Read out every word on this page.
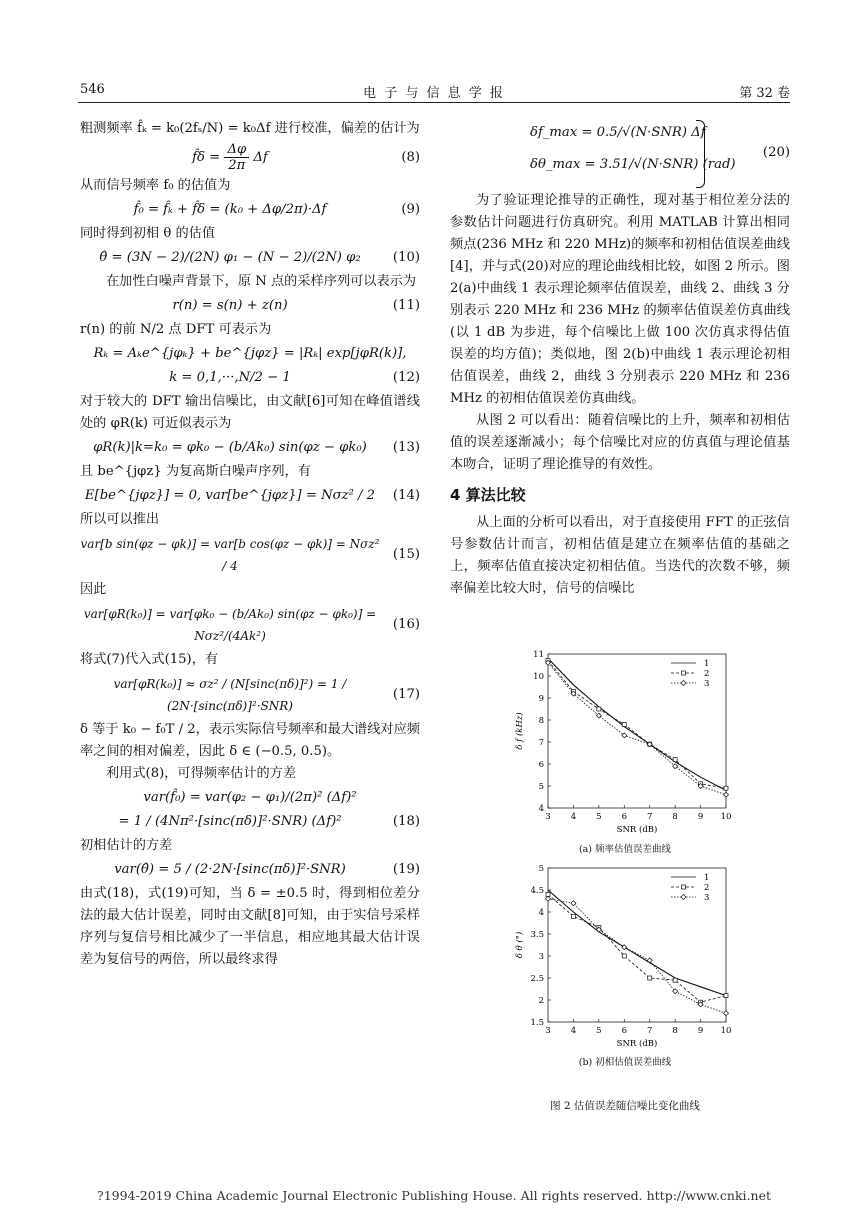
546	电 子 与 信 息 学 报	第 32 卷

粗测频率 f̂ₖ = k₀(2fₛ/N) = k₀Δf 进行校准，偏差的估计为

f̂δ = $\frac{\Delta\varphi}{2\pi}$ Δf	(8)

从而信号频率 f₀ 的估值为

f̂₀ = f̂ₖ + f̂δ = (k₀ + Δφ/2π)·Δf	(9)

同时得到初相 θ 的估值

θ̂ = (3N − 2)/(2N) φ₁ − (N − 2)/(2N) φ₂	(10)

在加性白噪声背景下，原 N 点的采样序列可以表示为

r(n) = s(n) + z(n)	(11)

r(n) 的前 N/2 点 DFT 可表示为

Rₖ = Aₖe^{jφₖ} + be^{jφz} = |Rₖ| exp[jφR(k)],
k = 0,1,···,N/2 − 1	(12)

对于较大的 DFT 输出信噪比，由文献[6]可知在峰值谱线处的 φR(k) 可近似表示为

φR(k)|k=k₀ = φk₀ − (b/Ak₀) sin(φz − φk₀)	(13)

且 be^{jφz} 为复高斯白噪声序列，有

E[be^{jφz}] = 0, var[be^{jφz}] = Nσz² / 2	(14)

所以可以推出

var[b sin(φz − φk)] = var[b cos(φz − φk)] = Nσz² / 4
(15)

因此

var[φR(k₀)] = var[φk₀ − (b/Ak₀) sin(φz − φk₀)] = Nσz²/(4Ak²)
(16)

将式(7)代入式(15)，有

var[φR(k₀)] ≈ σz² / (N[sinc(πδ)]²) = 1 / (2N·[sinc(πδ)]²·SNR)
(17)

δ 等于 k₀ − f₀T / 2，表示实际信号频率和最大谱线对应频率之间的相对偏差，因此 δ ∈ (−0.5, 0.5)。

利用式(8)，可得频率估计的方差

var(f̂₀) = var(φ₂ − φ₁)/(2π)² (Δf)²
= 1 / (4Nπ²·[sinc(πδ)]²·SNR) (Δf)²	(18)

初相估计的方差

var(θ̂) = 5 / (2·2N·[sinc(πδ)]²·SNR)	(19)

由式(18)，式(19)可知，当 δ = ±0.5 时，得到相位差分法的最大估计误差，同时由文献[8]可知，由于实信号采样序列与复信号相比减少了一半信息，相应地其最大估计误差为复信号的两倍，所以最终求得

δf_max = 0.5/√(N·SNR) Δf
δθ_max = 3.51/√(N·SNR) (rad)
(20)

为了验证理论推导的正确性，现对基于相位差分法的参数估计问题进行仿真研究。利用 MATLAB 计算出相同频点(236 MHz 和 220 MHz)的频率和初相估值误差曲线[4]，并与式(20)对应的理论曲线相比较，如图 2 所示。图 2(a)中曲线 1 表示理论频率估值误差，曲线 2、曲线 3 分别表示 220 MHz 和 236 MHz 的频率估值误差仿真曲线(以 1 dB 为步进，每个信噪比上做 100 次仿真求得估值误差的均方值)；类似地，图 2(b)中曲线 1 表示理论初相估值误差，曲线 2，曲线 3 分别表示 220 MHz 和 236 MHz 的初相估值误差仿真曲线。

从图 2 可以看出：随着信噪比的上升，频率和初相估值的误差逐渐减小；每个信噪比对应的仿真值与理论值基本吻合，证明了理论推导的有效性。

4 算法比较

从上面的分析可以看出，对于直接使用 FFT 的正弦信号参数估计而言，初相估值是建立在频率估值的基础之上，频率估值直接决定初相估值。当迭代的次数不够，频率偏差比较大时，信号的信噪比

3 4 5 6 7 8 9 10
4
5
6
7
8
9
10
11
SNR (dB)
δ f (kHz)
1
2
3
(a) 频率估值误差曲线
3 4 5 6 7 8 9 10
1.5
2
2.5
3
3.5
4
4.5
5
SNR (dB)
δ θ (°)
1
2
3
(b) 初相估值误差曲线
图 2 估值误差随信噪比变化曲线
?1994-2019 China Academic Journal Electronic Publishing House. All rights reserved. http://www.cnki.net
